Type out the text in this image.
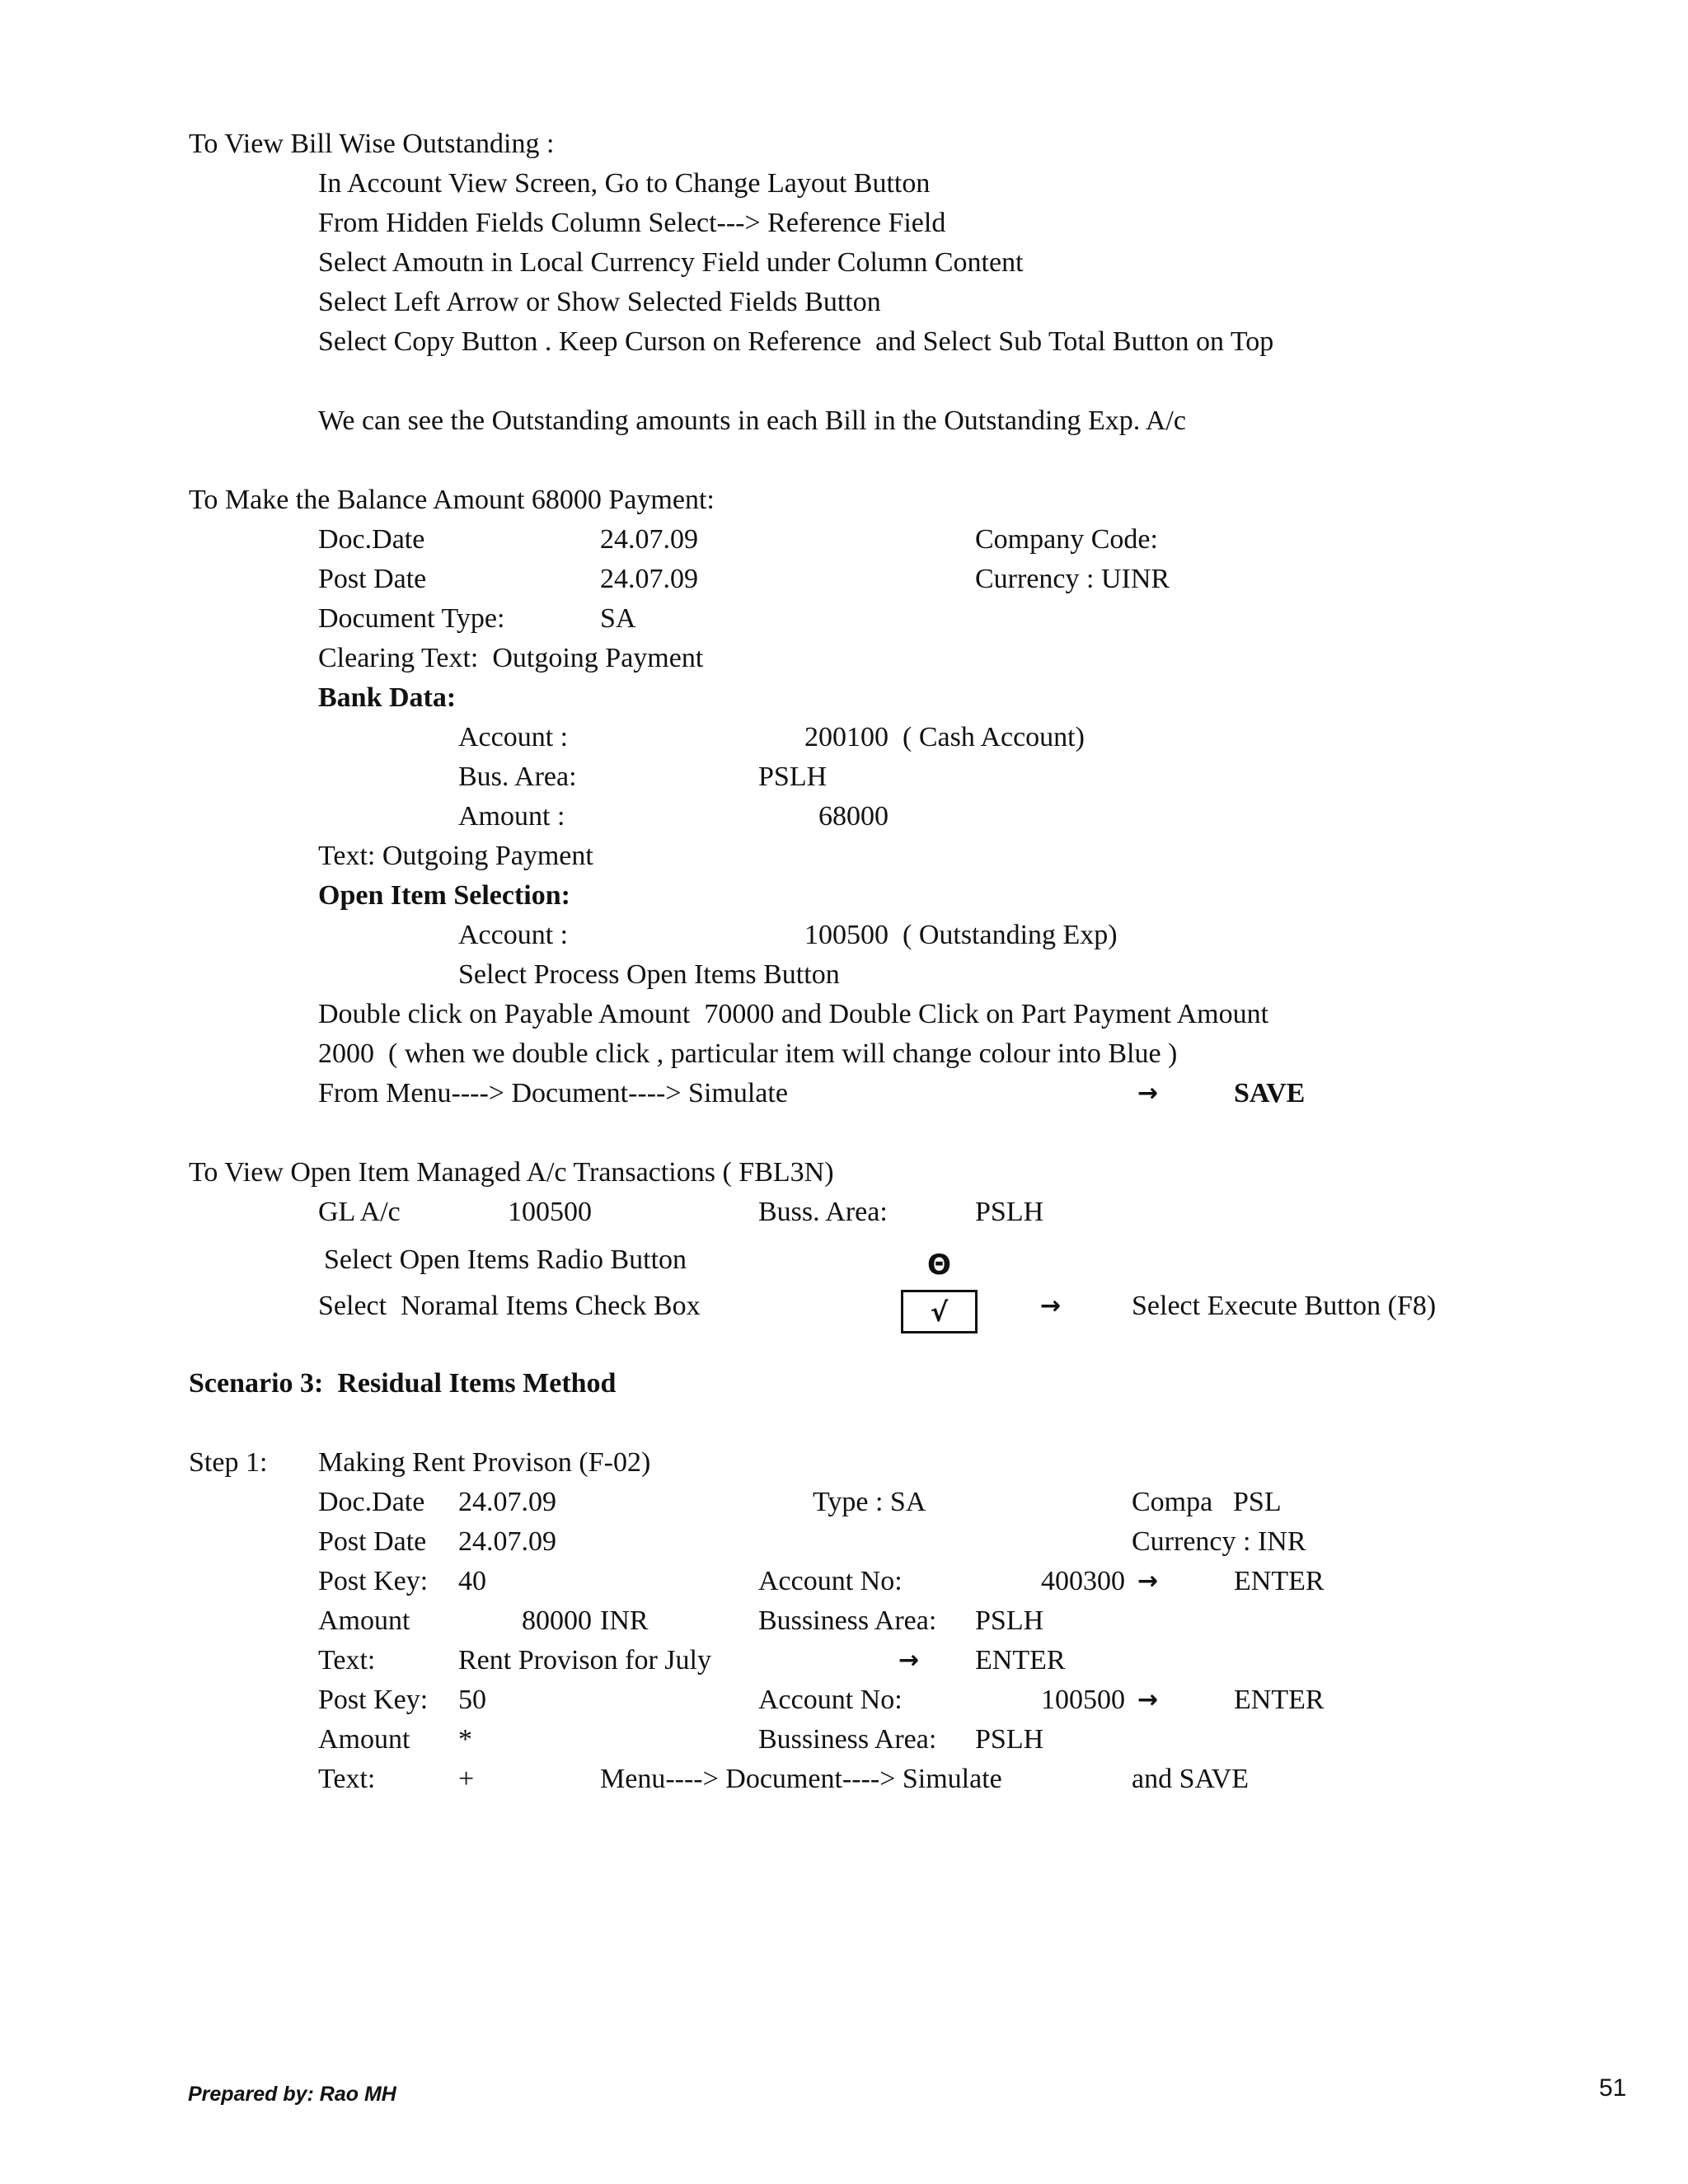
To View Bill Wise Outstanding :
In Account View Screen, Go to Change Layout Button
From Hidden Fields Column Select---> Reference Field
Select Amoutn in Local Currency Field under Column Content
Select Left Arrow or Show Selected Fields Button
Select Copy Button . Keep Curson on Reference  and Select Sub Total Button on Top
We can see the Outstanding amounts in each Bill in the Outstanding Exp. A/c
To Make the Balance Amount 68000 Payment:
Doc.Date	24.07.09	Company Code:
Post Date	24.07.09	Currency : UINR
Document Type:	SA
Clearing Text:  Outgoing Payment
Bank Data:
Account :	200100  ( Cash Account)
Bus. Area:	PSLH
Amount :	68000
Text: Outgoing Payment
Open Item Selection:
Account :	100500  ( Outstanding Exp)
Select Process Open Items Button
Double click on Payable Amount  70000 and Double Click on Part Payment Amount
2000  ( when we double click , particular item will change colour into Blue )
From Menu----> Document----> Simulate	→	SAVE
To View Open Item Managed A/c Transactions ( FBL3N)
GL A/c	100500	Buss. Area:	PSLH
Select Open Items Radio Button	Θ
Select  Noramal Items Check Box	√	→	Select Execute Button (F8)
Scenario 3:  Residual Items Method
Step 1: Making Rent Provison (F-02)
Doc.Date 24.07.09	Type : SA	Compa PSL
Post Date 24.07.09	Currency : INR
Post Key: 40	Account No:	400300 →	ENTER
Amount	80000 INR	Bussiness Area: PSLH
Text:	Rent Provison for July	→ ENTER
Post Key: 50	Account No:	100500 →	ENTER
Amount *	Bussiness Area: PSLH
Text:	+	Menu----> Document----> Simulate	and SAVE
Prepared by: Rao MH	51
